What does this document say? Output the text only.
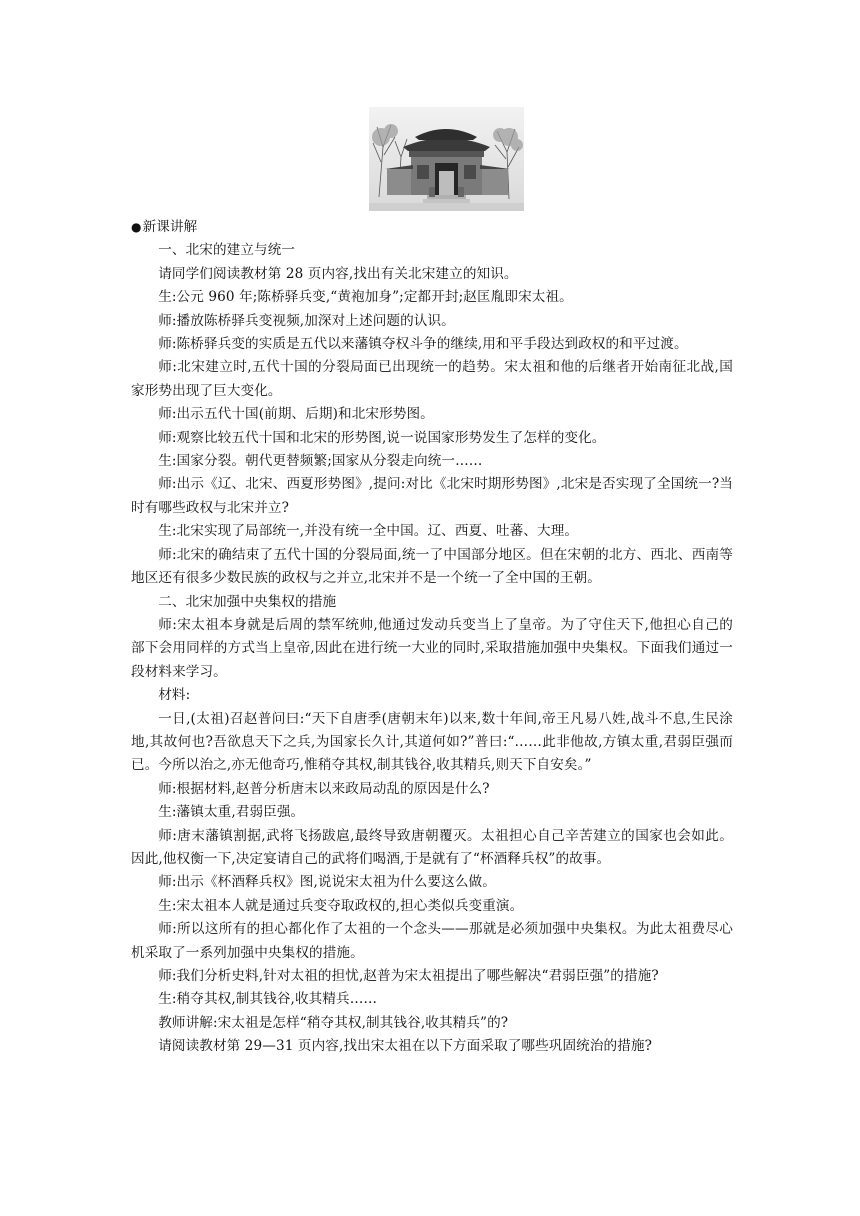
●新课讲解

一、北宋的建立与统一

请同学们阅读教材第 28 页内容,找出有关北宋建立的知识。

生:公元 960 年;陈桥驿兵变,“黄袍加身”;定都开封;赵匡胤即宋太祖。

师:播放陈桥驿兵变视频,加深对上述问题的认识。

师:陈桥驿兵变的实质是五代以来藩镇夺权斗争的继续,用和平手段达到政权的和平过渡。

师:北宋建立时,五代十国的分裂局面已出现统一的趋势。宋太祖和他的后继者开始南征北战,国家形势出现了巨大变化。

师:出示五代十国(前期、后期)和北宋形势图。

师:观察比较五代十国和北宋的形势图,说一说国家形势发生了怎样的变化。

生:国家分裂。朝代更替频繁;国家从分裂走向统一……

师:出示《辽、北宋、西夏形势图》,提问:对比《北宋时期形势图》,北宋是否实现了全国统一?当时有哪些政权与北宋并立?

生:北宋实现了局部统一,并没有统一全中国。辽、西夏、吐蕃、大理。

师:北宋的确结束了五代十国的分裂局面,统一了中国部分地区。但在宋朝的北方、西北、西南等地区还有很多少数民族的政权与之并立,北宋并不是一个统一了全中国的王朝。

二、北宋加强中央集权的措施

师:宋太祖本身就是后周的禁军统帅,他通过发动兵变当上了皇帝。为了守住天下,他担心自己的部下会用同样的方式当上皇帝,因此在进行统一大业的同时,采取措施加强中央集权。下面我们通过一段材料来学习。

材料:

一日,(太祖)召赵普问曰:“天下自唐季(唐朝末年)以来,数十年间,帝王凡易八姓,战斗不息,生民涂地,其故何也?吾欲息天下之兵,为国家长久计,其道何如?”普曰:“……此非他故,方镇太重,君弱臣强而已。今所以治之,亦无他奇巧,惟稍夺其权,制其钱谷,收其精兵,则天下自安矣。”

师:根据材料,赵普分析唐末以来政局动乱的原因是什么?

生:藩镇太重,君弱臣强。

师:唐末藩镇割据,武将飞扬跋扈,最终导致唐朝覆灭。太祖担心自己辛苦建立的国家也会如此。因此,他权衡一下,决定宴请自己的武将们喝酒,于是就有了“杯酒释兵权”的故事。

师:出示《杯酒释兵权》图,说说宋太祖为什么要这么做。

生:宋太祖本人就是通过兵变夺取政权的,担心类似兵变重演。

师:所以这所有的担心都化作了太祖的一个念头——那就是必须加强中央集权。为此太祖费尽心机采取了一系列加强中央集权的措施。

师:我们分析史料,针对太祖的担忧,赵普为宋太祖提出了哪些解决“君弱臣强”的措施?

生:稍夺其权,制其钱谷,收其精兵……

教师讲解:宋太祖是怎样“稍夺其权,制其钱谷,收其精兵”的?

请阅读教材第 29—31 页内容,找出宋太祖在以下方面采取了哪些巩固统治的措施?
